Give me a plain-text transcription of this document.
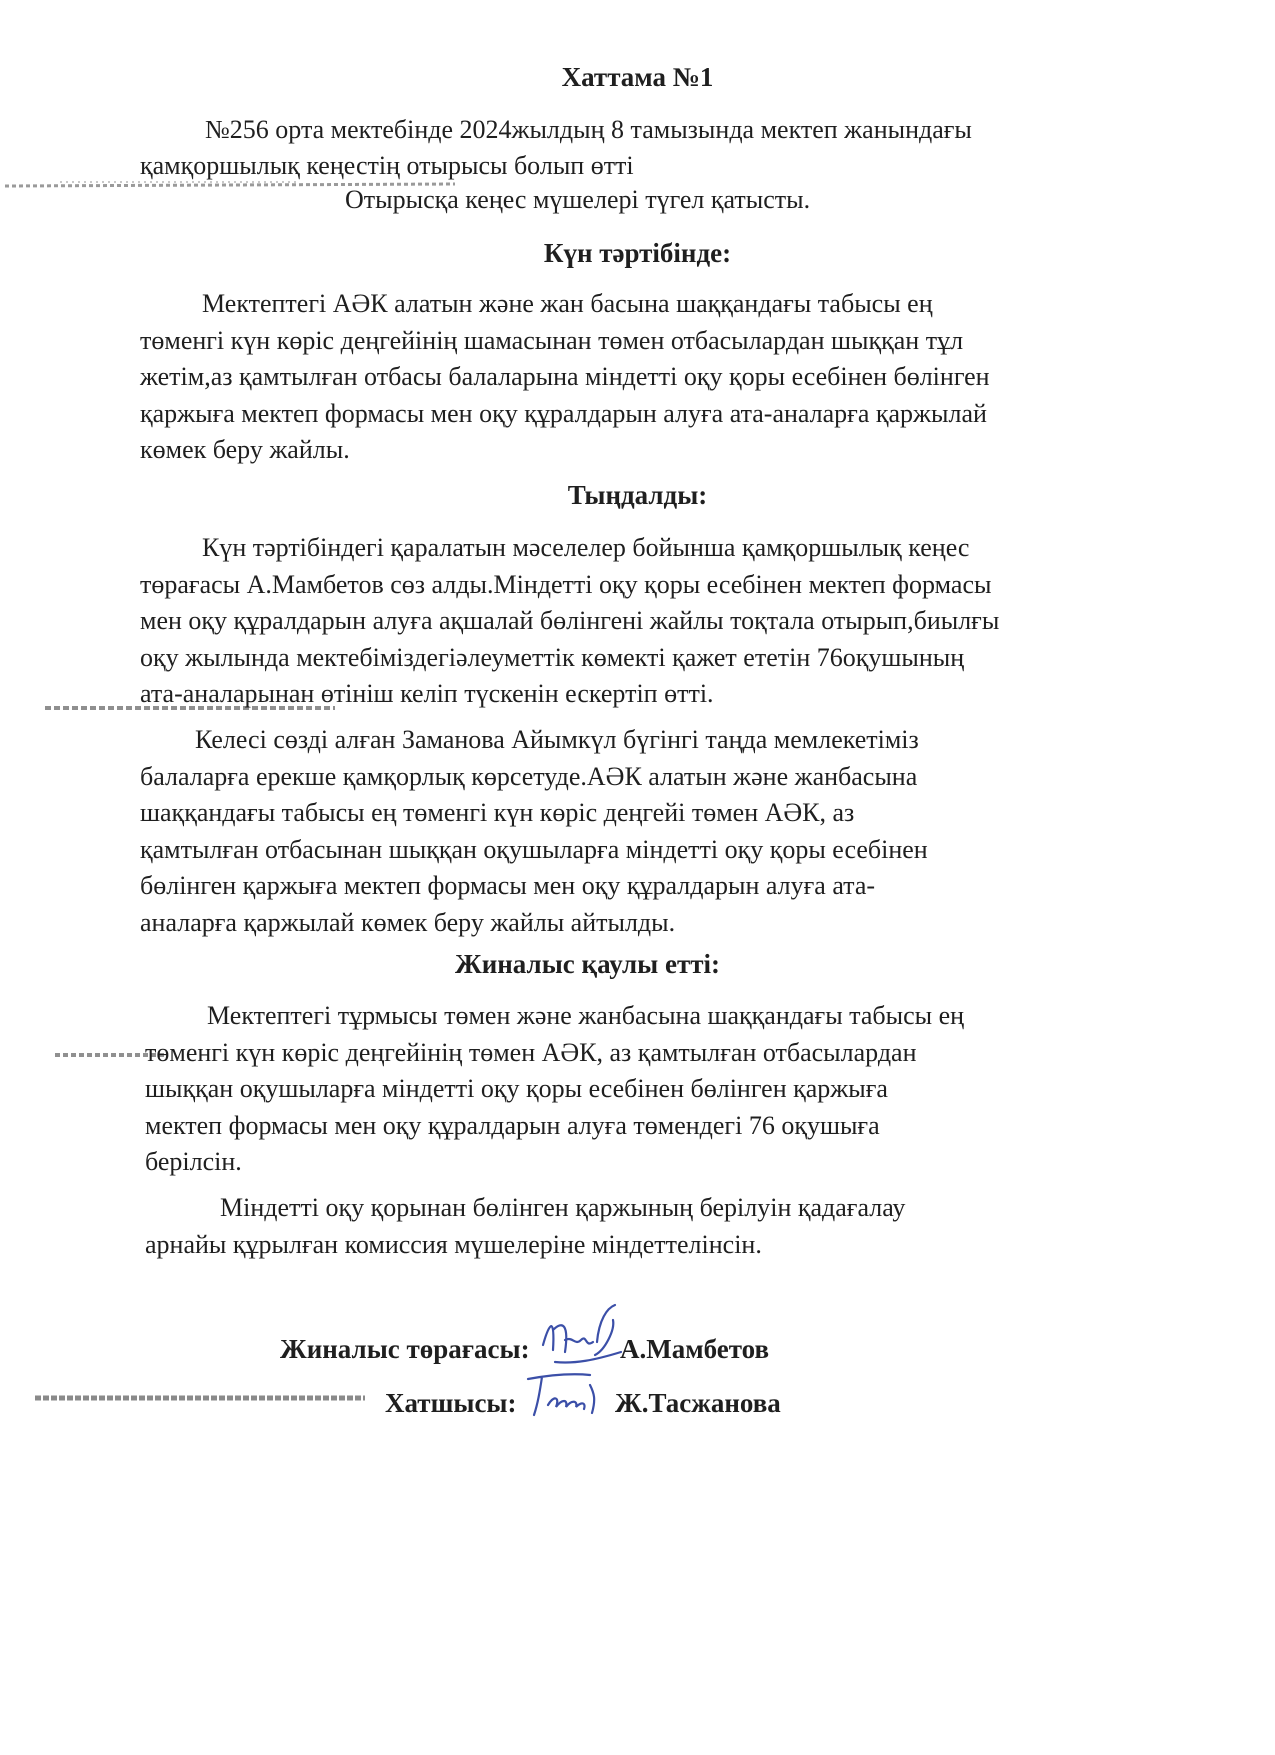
Хаттама №1
№256 орта мектебінде 2024жылдың 8 тамызында мектеп жанындағы
қамқоршылық кеңестің отырысы болып өтті
Отырысқа кеңес мүшелері түгел қатысты.
Күн тәртібінде:
Мектептегі АӘК алатын және жан басына шаққандағы табысы ең
төменгі күн көріс деңгейінің шамасынан төмен отбасылардан шыққан тұл
жетім,аз қамтылған отбасы балаларына міндетті оқу қоры есебінен бөлінген
қаржыға мектеп формасы мен оқу құралдарын алуға ата-аналарға қаржылай
көмек беру жайлы.
Тыңдалды:
Күн тәртібіндегі қаралатын мәселелер бойынша қамқоршылық кеңес
төрағасы А.Мамбетов сөз алды.Міндетті оқу қоры есебінен мектеп формасы
мен оқу құралдарын алуға ақшалай бөлінгені жайлы тоқтала отырып,биылғы
оқу жылында мектебіміздегіәлеуметтік көмекті қажет ететін 76оқушының
ата-аналарынан өтініш келіп түскенін ескертіп өтті.
Келесі сөзді алған Заманова Айымкүл бүгінгі таңда мемлекетіміз
балаларға ерекше қамқорлық көрсетуде.АӘК алатын және жанбасына
шаққандағы табысы ең төменгі күн көріс деңгейі төмен АӘК, аз
қамтылған отбасынан шыққан оқушыларға міндетті оқу қоры есебінен
бөлінген қаржыға мектеп формасы мен оқу құралдарын алуға ата-
аналарға қаржылай көмек беру жайлы айтылды.
Жиналыс қаулы етті:
Мектептегі тұрмысы төмен және жанбасына шаққандағы табысы ең
төменгі күн көріс деңгейінің төмен АӘК, аз қамтылған отбасылардан
шыққан оқушыларға міндетті оқу қоры есебінен бөлінген қаржыға
мектеп формасы мен оқу құралдарын алуға төмендегі 76 оқушыға
берілсін.
Міндетті оқу қорынан бөлінген қаржының берілуін қадағалау
арнайы құрылған комиссия мүшелеріне міндеттелінсін.
Жиналыс төрағасы:	А.Мамбетов
Хатшысы:	Ж.Тасжанова
